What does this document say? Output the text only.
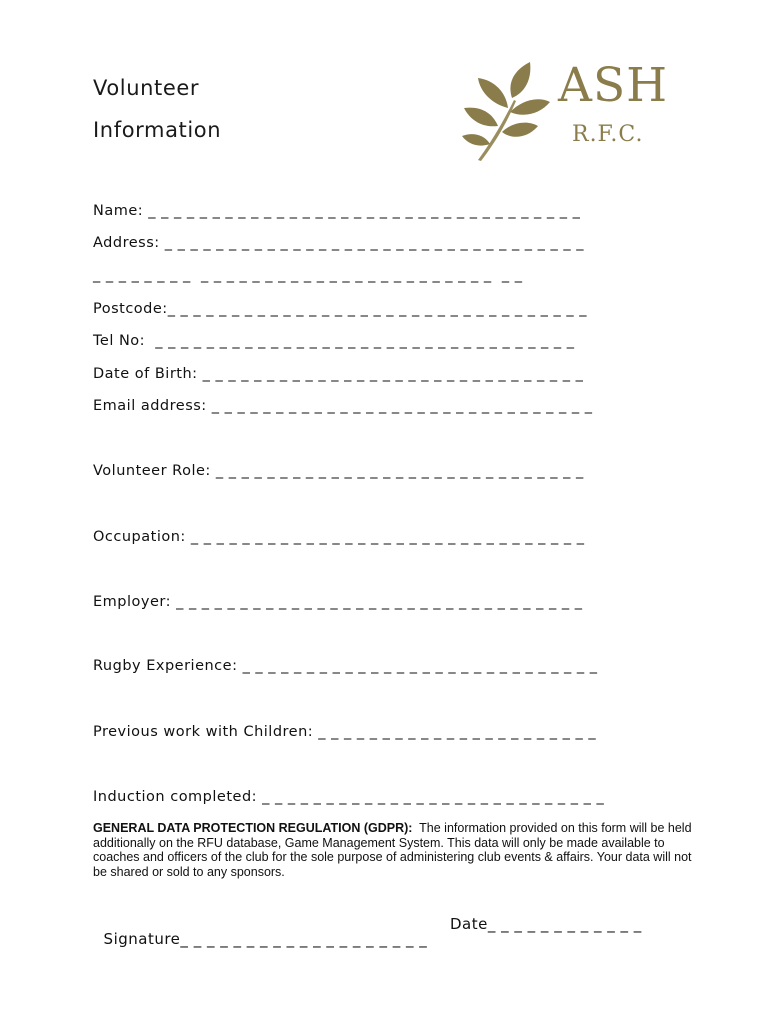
Volunteer
Information
ASH
R.F.C.
Name: _ _ _ _ _ _ _ _ _ _ _ _ _ _ _ _ _ _ _ _ _ _ _ _ _ _ _ _ _ _ _ _ _ _
Address: _ _ _ _ _ _ _ _ _ _ _ _ _ _ _ _ _ _ _ _ _ _ _ _ _ _ _ _ _ _ _ _ _
_ _ _ _ _ _ _ _  _ _ _ _ _ _ _ _ _ _ _ _ _ _ _ _ _ _ _ _ _ _ _  _ _
Postcode:_ _ _ _ _ _ _ _ _ _ _ _ _ _ _ _ _ _ _ _ _ _ _ _ _ _ _ _ _ _ _ _ _
Tel No:  _ _ _ _ _ _ _ _ _ _ _ _ _ _ _ _ _ _ _ _ _ _ _ _ _ _ _ _ _ _ _ _ _
Date of Birth: _ _ _ _ _ _ _ _ _ _ _ _ _ _ _ _ _ _ _ _ _ _ _ _ _ _ _ _ _ _
Email address: _ _ _ _ _ _ _ _ _ _ _ _ _ _ _ _ _ _ _ _ _ _ _ _ _ _ _ _ _ _
Volunteer Role: _ _ _ _ _ _ _ _ _ _ _ _ _ _ _ _ _ _ _ _ _ _ _ _ _ _ _ _ _
Occupation: _ _ _ _ _ _ _ _ _ _ _ _ _ _ _ _ _ _ _ _ _ _ _ _ _ _ _ _ _ _ _
Employer: _ _ _ _ _ _ _ _ _ _ _ _ _ _ _ _ _ _ _ _ _ _ _ _ _ _ _ _ _ _ _ _
Rugby Experience: _ _ _ _ _ _ _ _ _ _ _ _ _ _ _ _ _ _ _ _ _ _ _ _ _ _ _ _
Previous work with Children: _ _ _ _ _ _ _ _ _ _ _ _ _ _ _ _ _ _ _ _ _ _
Induction completed: _ _ _ _ _ _ _ _ _ _ _ _ _ _ _ _ _ _ _ _ _ _ _ _ _ _ _
GENERAL DATA PROTECTION REGULATION (GDPR): The information provided on this form will be held additionally on the RFU database, Game Management System. This data will only be made available to coaches and officers of the club for the sole purpose of administering club events & affairs. Your data will not be shared or sold to any sponsors.

Signature_ _ _ _ _ _ _ _ _ _ _ _ _ _ _ _ _ _ _

Date_ _ _ _ _ _ _ _ _ _ _ _
